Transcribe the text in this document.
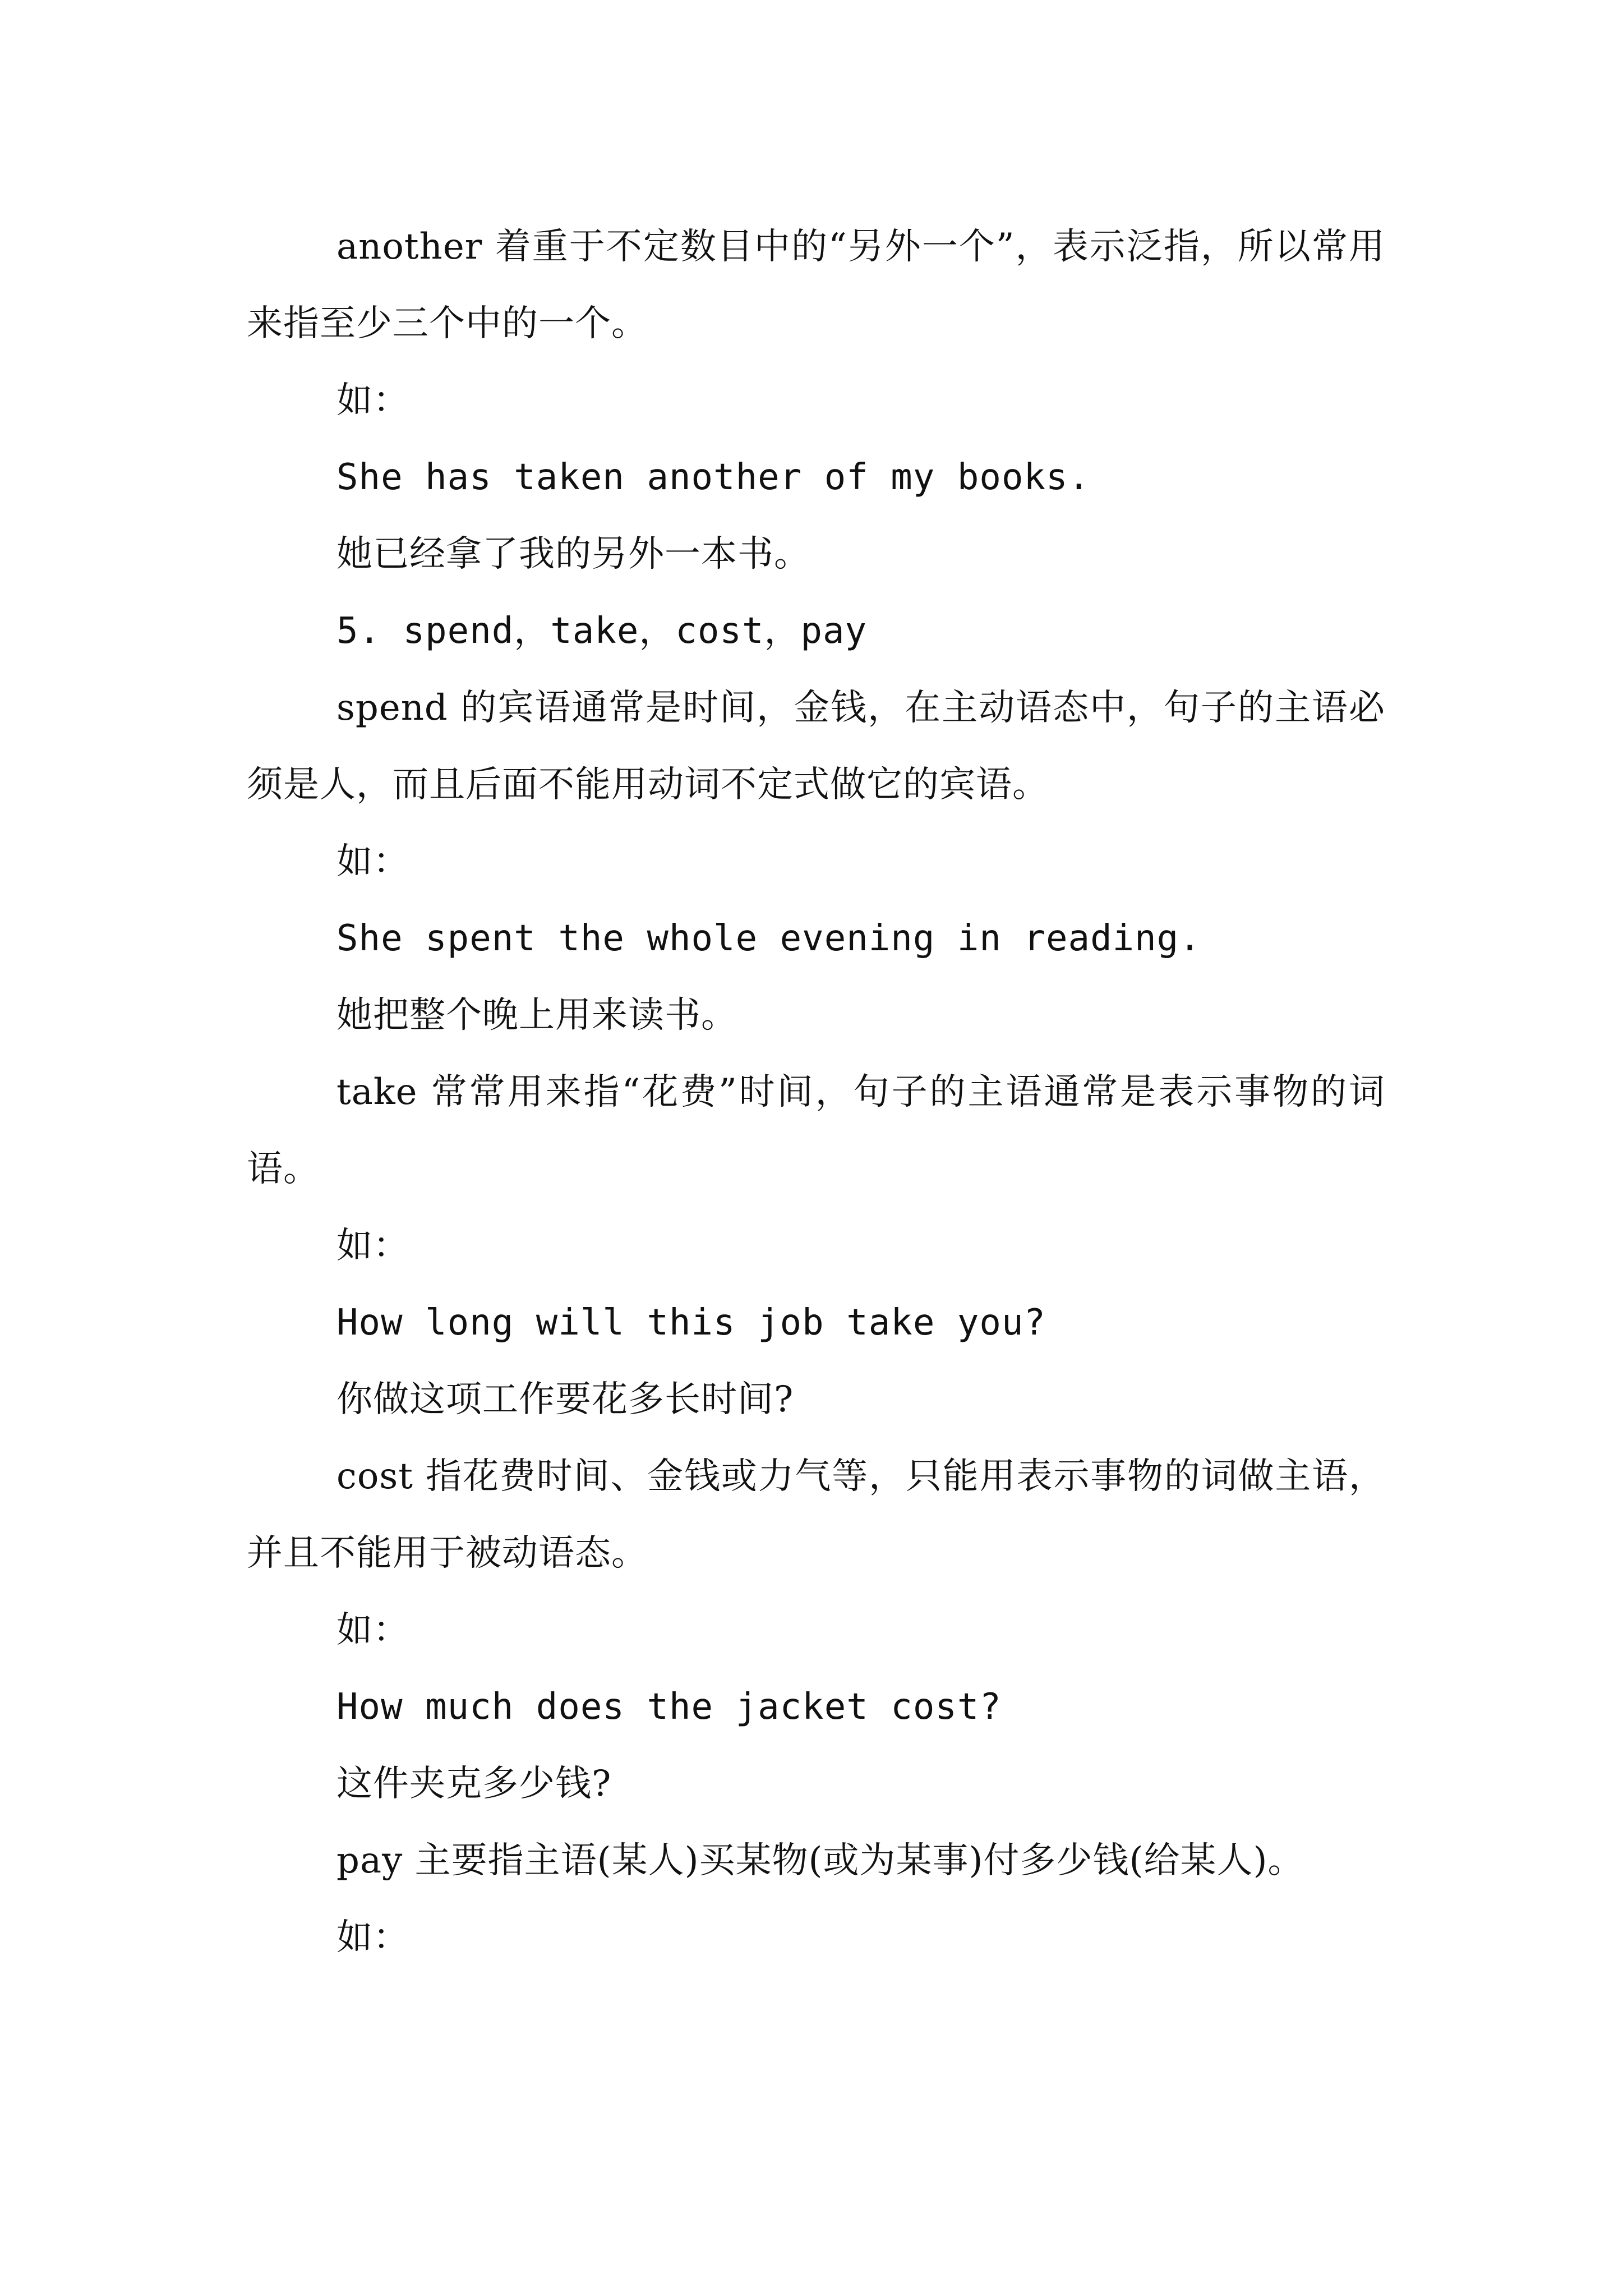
another 着重于不定数目中的“另外一个”，表示泛指，所以常用来指至少三个中的一个。

如：

She has taken another of my books.

她已经拿了我的另外一本书。

5. spend，take，cost，pay

spend 的宾语通常是时间，金钱，在主动语态中，句子的主语必须是人，而且后面不能用动词不定式做它的宾语。

如：

She spent the whole evening in reading.

她把整个晚上用来读书。

take 常常用来指“花费”时间，句子的主语通常是表示事物的词语。

如：

How long will this job take you?

你做这项工作要花多长时间?

cost 指花费时间、金钱或力气等，只能用表示事物的词做主语，并且不能用于被动语态。

如：

How much does the jacket cost?

这件夹克多少钱?

pay 主要指主语(某人)买某物(或为某事)付多少钱(给某人)。

如：
